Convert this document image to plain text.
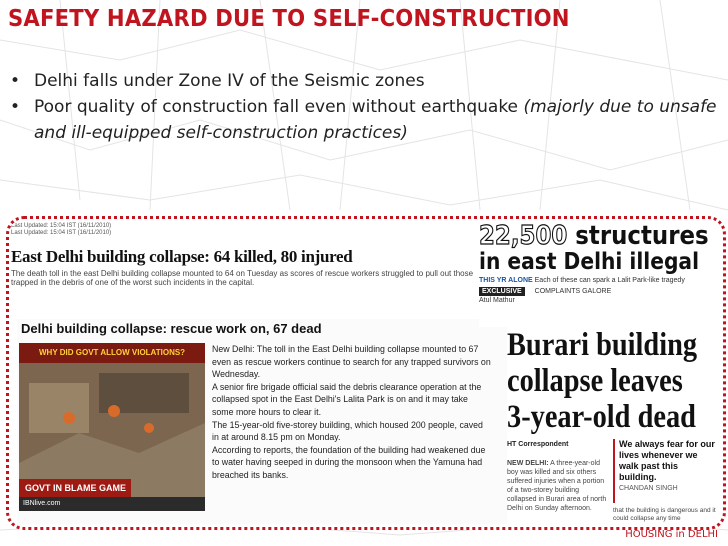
SAFETY HAZARD DUE TO SELF-CONSTRUCTION
• Delhi falls under Zone IV of the Seismic zones
• Poor quality of construction fall even without earthquake (majorly due to unsafe and ill-equipped self-construction practices)
Last Updated: 15:04 IST (16/11/2010)
Last Updated: 15:04 IST (16/11/2010)
East Delhi building collapse: 64 killed, 80 injured
The death toll in the east Delhi building collapse mounted to 64 on Tuesday as scores of rescue workers struggled to pull out those trapped in the debris of one of the worst such incidents in the capital.
Delhi building collapse: rescue work on, 67 dead
WHY DID GOVT ALLOW VIOLATIONS?
GOVT IN BLAME GAME
IBNlive.com
New Delhi: The toll in the East Delhi building collapse mounted to 67
even as rescue workers continue to search for any trapped survivors on
Wednesday.
A senior fire brigade official said the debris clearance operation at the
collapsed spot in the East Delhi's Lalita Park is on and it may take
some more hours to clear it.
The 15-year-old five-storey building, which housed 200 people, caved
in at around 8.15 pm on Monday.
According to reports, the foundation of the building had weakened due
to water having seeped in during the monsoon when the Yamuna had
breached its banks.
22,500 structures
in east Delhi illegal
THIS YR ALONE Each of these can spark a Lalit Park-like tragedy
EXCLUSIVE COMPLAINTS GALORE
Atul Mathur
Burari building
collapse leaves
3-year-old dead
HT Correspondent
NEW DELHI: A three-year-old boy was killed and six others suffered injuries when a portion of a two-storey building collapsed in Burari area of north Delhi on Sunday afternoon.
We always fear for our lives whenever we walk past this building.
CHANDAN SINGH
that the building is dangerous and it could collapse any time
HOUSING in DELHI
